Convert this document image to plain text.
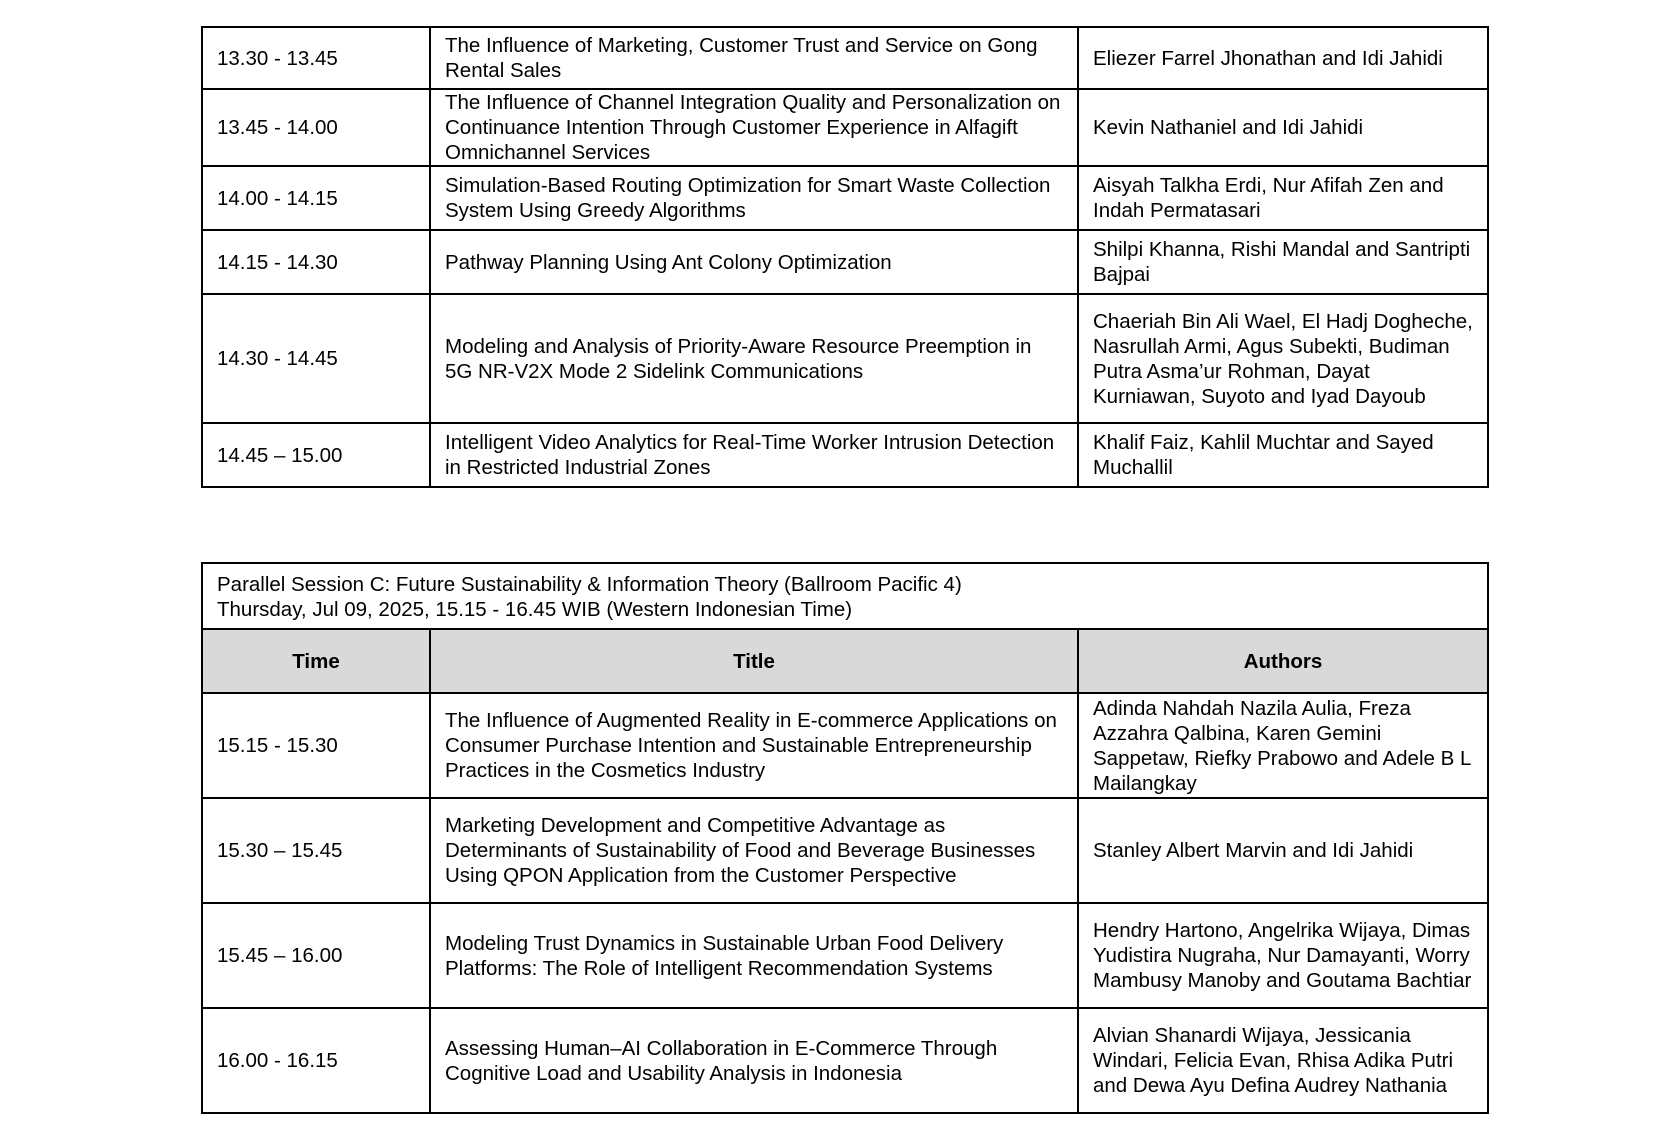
13.30 - 13.45	The Influence of Marketing, Customer Trust and Service on Gong Rental Sales	Eliezer Farrel Jhonathan and Idi Jahidi
13.45 - 14.00	The Influence of Channel Integration Quality and Personalization on Continuance Intention Through Customer Experience in Alfagift Omnichannel Services	Kevin Nathaniel and Idi Jahidi
14.00 - 14.15	Simulation-Based Routing Optimization for Smart Waste Collection System Using Greedy Algorithms	Aisyah Talkha Erdi, Nur Afifah Zen and Indah Permatasari
14.15 - 14.30	Pathway Planning Using Ant Colony Optimization	Shilpi Khanna, Rishi Mandal and Santripti Bajpai
14.30 - 14.45	Modeling and Analysis of Priority-Aware Resource Preemption in 5G NR-V2X Mode 2 Sidelink Communications	Chaeriah Bin Ali Wael, El Hadj Dogheche, Nasrullah Armi, Agus Subekti, Budiman Putra Asma’ur Rohman, Dayat Kurniawan, Suyoto and Iyad Dayoub
14.45 – 15.00	Intelligent Video Analytics for Real-Time Worker Intrusion Detection in Restricted Industrial Zones	Khalif Faiz, Kahlil Muchtar and Sayed Muchallil
Parallel Session C: Future Sustainability & Information Theory (Ballroom Pacific 4)
Thursday, Jul 09, 2025, 15.15 - 16.45 WIB (Western Indonesian Time)		

Time	Title	Authors
15.15 - 15.30	The Influence of Augmented Reality in E-commerce Applications on Consumer Purchase Intention and Sustainable Entrepreneurship Practices in the Cosmetics Industry	Adinda Nahdah Nazila Aulia, Freza Azzahra Qalbina, Karen Gemini Sappetaw, Riefky Prabowo and Adele B L Mailangkay
15.30 – 15.45	Marketing Development and Competitive Advantage as Determinants of Sustainability of Food and Beverage Businesses Using QPON Application from the Customer Perspective	Stanley Albert Marvin and Idi Jahidi
15.45 – 16.00	Modeling Trust Dynamics in Sustainable Urban Food Delivery Platforms: The Role of Intelligent Recommendation Systems	Hendry Hartono, Angelrika Wijaya, Dimas Yudistira Nugraha, Nur Damayanti, Worry Mambusy Manoby and Goutama Bachtiar
16.00 - 16.15	Assessing Human–AI Collaboration in E-Commerce Through Cognitive Load and Usability Analysis in Indonesia	Alvian Shanardi Wijaya, Jessicania Windari, Felicia Evan, Rhisa Adika Putri and Dewa Ayu Defina Audrey Nathania
